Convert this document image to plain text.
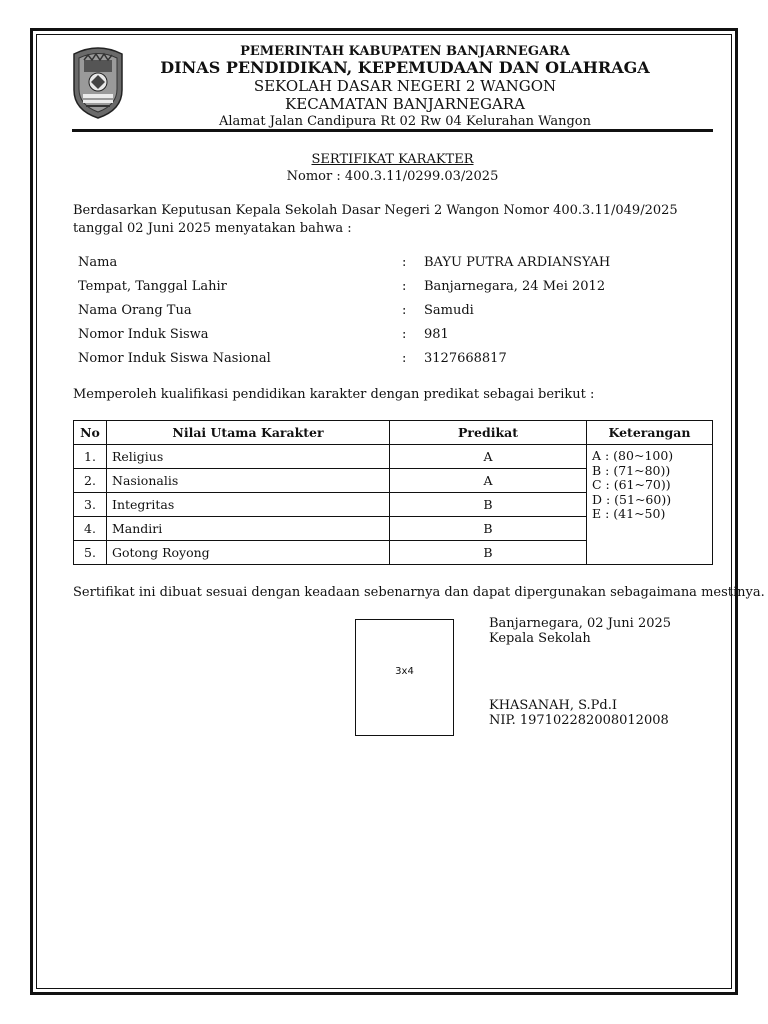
PEMERINTAH KABUPATEN BANJARNEGARA
DINAS PENDIDIKAN, KEPEMUDAAN DAN OLAHRAGA
SEKOLAH DASAR NEGERI 2 WANGON
KECAMATAN BANJARNEGARA
Alamat Jalan Candipura Rt 02 Rw 04 Kelurahan Wangon
SERTIFIKAT KARAKTER
Nomor : 400.3.11/0299.03/2025
Berdasarkan Keputusan Kepala Sekolah Dasar Negeri 2 Wangon Nomor 400.3.11/049/2025 tanggal 02 Juni 2025 menyatakan bahwa :
Nama	: BAYU PUTRA ARDIANSYAH
Tempat, Tanggal Lahir	: Banjarnegara, 24 Mei 2012
Nama Orang Tua	: Samudi
Nomor Induk Siswa	: 981
Nomor Induk Siswa Nasional	: 3127668817
Memperoleh kualifikasi pendidikan karakter dengan predikat sebagai berikut :
No	Nilai Utama Karakter	Predikat	Keterangan
1.	Religius	A	A : (80~100)
B : (71~80))
C : (61~70))
D : (51~60))
E : (41~50)

2.	Nasionalis	A	
3.	Integritas	B	
4.	Mandiri	B	
5.	Gotong Royong	B	
Sertifikat ini dibuat sesuai dengan keadaan sebenarnya dan dapat dipergunakan sebagaimana mestinya.
3x4
Banjarnegara, 02 Juni 2025
Kepala Sekolah
KHASANAH, S.Pd.I
NIP. 197102282008012008
